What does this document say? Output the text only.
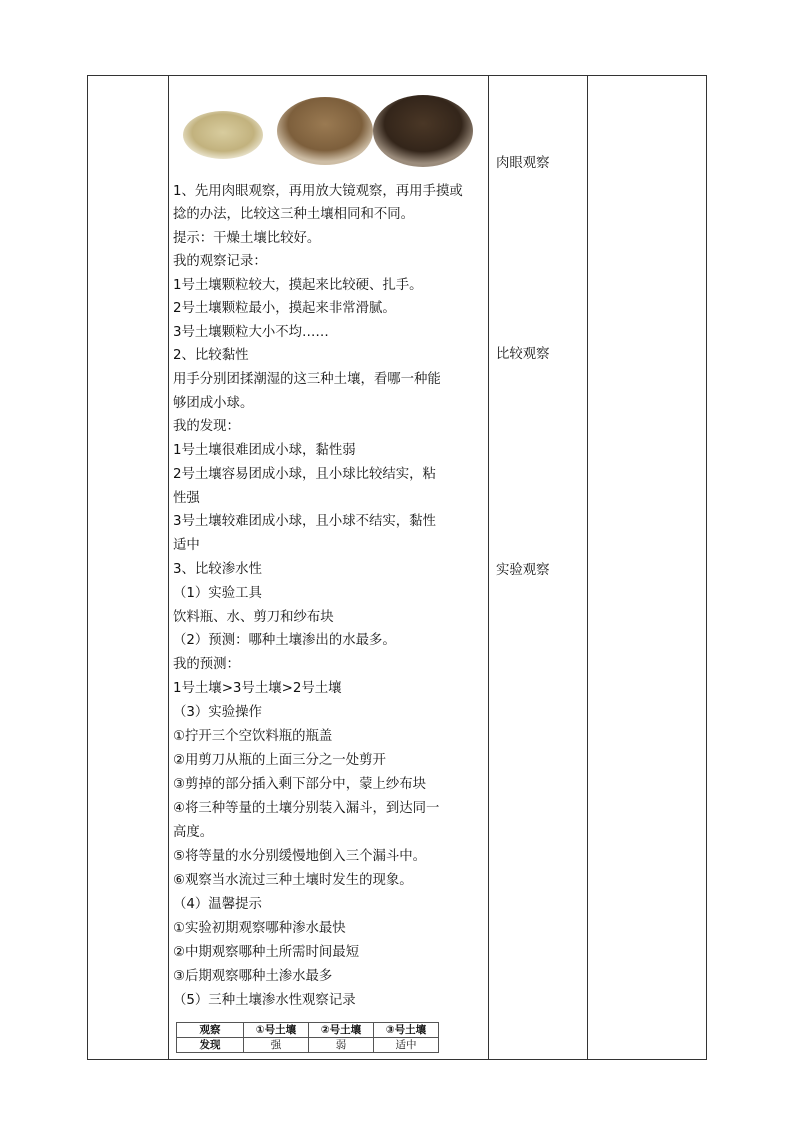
1、先用肉眼观察，再用放大镜观察，再用手摸或
捻的办法，比较这三种土壤相同和不同。
提示：干燥土壤比较好。
我的观察记录：
1号土壤颗粒较大，摸起来比较硬、扎手。
2号土壤颗粒最小，摸起来非常滑腻。
3号土壤颗粒大小不均……
2、比较黏性
用手分别团揉潮湿的这三种土壤，看哪一种能
够团成小球。
我的发现：
1号土壤很难团成小球，黏性弱
2号土壤容易团成小球，且小球比较结实，粘
性强
3号土壤较难团成小球，且小球不结实，黏性
适中
3、比较渗水性
（1）实验工具
饮料瓶、水、剪刀和纱布块
（2）预测：哪种土壤渗出的水最多。
我的预测：
1号土壤>3号土壤>2号土壤
（3）实验操作
①拧开三个空饮料瓶的瓶盖
②用剪刀从瓶的上面三分之一处剪开
③剪掉的部分插入剩下部分中，蒙上纱布块
④将三种等量的土壤分别装入漏斗，到达同一
高度。
⑤将等量的水分别缓慢地倒入三个漏斗中。
⑥观察当水流过三种土壤时发生的现象。
（4）温馨提示
①实验初期观察哪种渗水最快
②中期观察哪种土所需时间最短
③后期观察哪种土渗水最多
（5）三种土壤渗水性观察记录
肉眼观察
比较观察
实验观察
观察	①号土壤	②号土壤	③号土壤
发现	强	弱	适中
